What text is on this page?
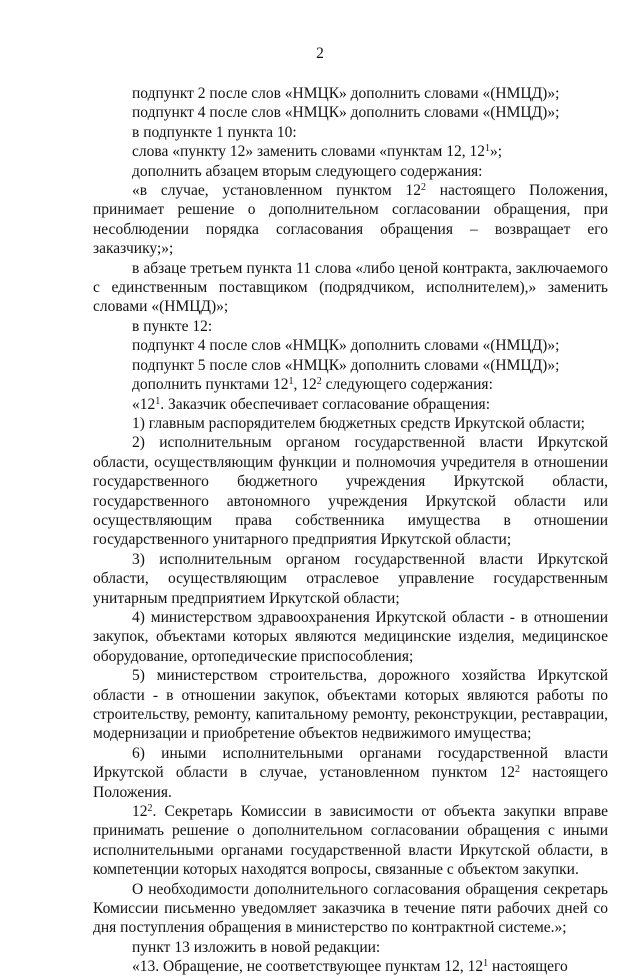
2

подпункт 2 после слов «НМЦК» дополнить словами «(НМЦД)»;

подпункт 4 после слов «НМЦК» дополнить словами «(НМЦД)»;

в подпункте 1 пункта 10:

слова «пункту 12» заменить словами «пунктам 12, $12^1$»;

дополнить абзацем вторым следующего содержания:

«в случае, установленном пунктом $12^2$ настоящего Положения, принимает решение о дополнительном согласовании обращения, при несоблюдении порядка согласования обращения – возвращает его заказчику;»;

в абзаце третьем пункта 11 слова «либо ценой контракта, заключаемого с единственным поставщиком (подрядчиком, исполнителем),» заменить словами «(НМЦД)»;

в пункте 12:

подпункт 4 после слов «НМЦК» дополнить словами «(НМЦД)»;

подпункт 5 после слов «НМЦК» дополнить словами «(НМЦД)»;

дополнить пунктами $12^1$, $12^2$ следующего содержания:

«$12^1$. Заказчик обеспечивает согласование обращения:

1) главным распорядителем бюджетных средств Иркутской области;

2) исполнительным органом государственной власти Иркутской области, осуществляющим функции и полномочия учредителя в отношении государственного бюджетного учреждения Иркутской области, государственного автономного учреждения Иркутской области или осуществляющим права собственника имущества в отношении государственного унитарного предприятия Иркутской области;

3) исполнительным органом государственной власти Иркутской области, осуществляющим отраслевое управление государственным унитарным предприятием Иркутской области;

4) министерством здравоохранения Иркутской области - в отношении закупок, объектами которых являются медицинские изделия, медицинское оборудование, ортопедические приспособления;

5) министерством строительства, дорожного хозяйства Иркутской области - в отношении закупок, объектами которых являются работы по строительству, ремонту, капитальному ремонту, реконструкции, реставрации, модернизации и приобретение объектов недвижимого имущества;

6) иными исполнительными органами государственной власти Иркутской области в случае, установленном пунктом $12^2$ настоящего Положения.

$12^2$. Секретарь Комиссии в зависимости от объекта закупки вправе принимать решение о дополнительном согласовании обращения с иными исполнительными органами государственной власти Иркутской области, в компетенции которых находятся вопросы, связанные с объектом закупки.

О необходимости дополнительного согласования обращения секретарь Комиссии письменно уведомляет заказчика в течение пяти рабочих дней со дня поступления обращения в министерство по контрактной системе.»;

пункт 13 изложить в новой редакции:

«13. Обращение, не соответствующее пунктам 12, $12^1$ настоящего
